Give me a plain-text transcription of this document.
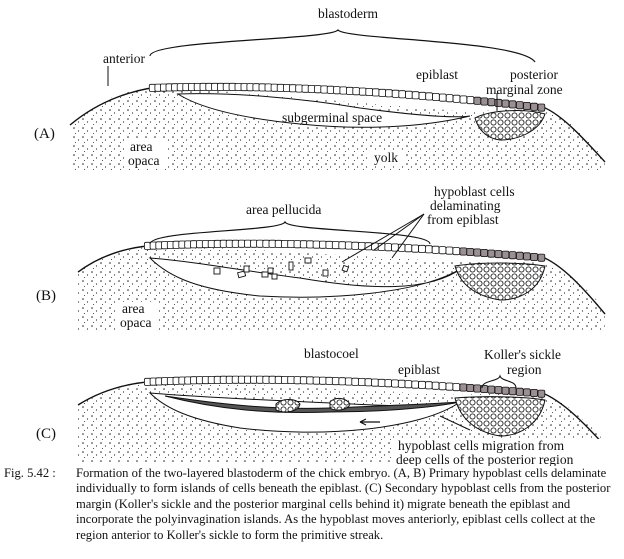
blastoderm
anterior
epiblast	posterior
marginal zone
subgerminal space
(A)
area
opaca	yolk
area pellucida
hypoblast cells
delaminating
from epiblast
(B)
area
opaca
blastocoel
epiblast
Koller's sickle
region
(C)
hypoblast cells migration from
deep cells of the posterior region
Fig. 5.42 : Formation of the two-layered blastoderm of the chick embryo. (A, B) Primary hypoblast cells delaminate individually to form islands of cells beneath the epiblast. (C) Secondary hypoblast cells from the posterior margin (Koller's sickle and the posterior marginal cells behind it) migrate beneath the epiblast and incorporate the polyinvagination islands. As the hypoblast moves anteriorly, epiblast cells collect at the region anterior to Koller's sickle to form the primitive streak.
